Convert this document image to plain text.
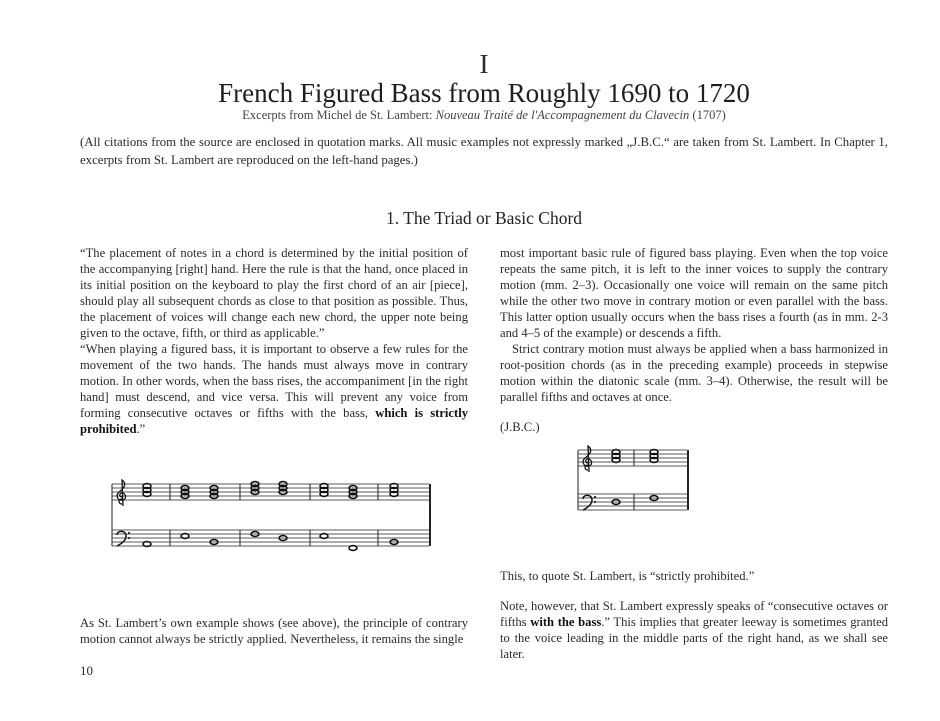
I
French Figured Bass from Roughly 1690 to 1720
Excerpts from Michel de St. Lambert: Nouveau Traité de l'Accompagnement du Clavecin (1707)
(All citations from the source are enclosed in quotation marks. All music examples not expressly marked „J.B.C.“ are taken from St. Lambert. In Chapter 1, excerpts from St. Lambert are reproduced on the left-hand pages.)
1. The Triad or Basic Chord

“The placement of notes in a chord is determined by the initial position of the accompanying [right] hand. Here the rule is that the hand, once placed in its initial position on the keyboard to play the first chord of an air [piece], should play all subsequent chords as close to that position as possible. Thus, the placement of voices will change each new chord, the upper note being given to the octave, fifth, or third as applicable.”

“When playing a figured bass, it is important to observe a few rules for the movement of the two hands. The hands must always move in contrary motion. In other words, when the bass rises, the accompaniment [in the right hand] must descend, and vice versa. This will prevent any voice from forming consecutive octaves or fifths with the bass, which is strictly prohibited.”

most important basic rule of figured bass playing. Even when the top voice repeats the same pitch, it is left to the inner voices to supply the contrary motion (mm. 2–3). Occasionally one voice will remain on the same pitch while the other two move in contrary motion or even parallel with the bass. This latter option usually occurs when the bass rises a fourth (as in mm. 2-3 and 4–5 of the example) or descends a fifth.

Strict contrary motion must always be applied when a bass harmonized in root-position chords (as in the preceding example) proceeds in stepwise motion within the diatonic scale (mm. 3–4). Otherwise, the result will be parallel fifths and octaves at once.

(J.B.C.)

This, to quote St. Lambert, is “strictly prohibited.”
Note, however, that St. Lambert expressly speaks of “consecutive octaves or fifths with the bass.” This implies that greater leeway is sometimes granted to the voice leading in the middle parts of the right hand, as we shall see later.
As St. Lambert’s own example shows (see above), the principle of contrary motion cannot always be strictly applied. Nevertheless, it remains the single
10
